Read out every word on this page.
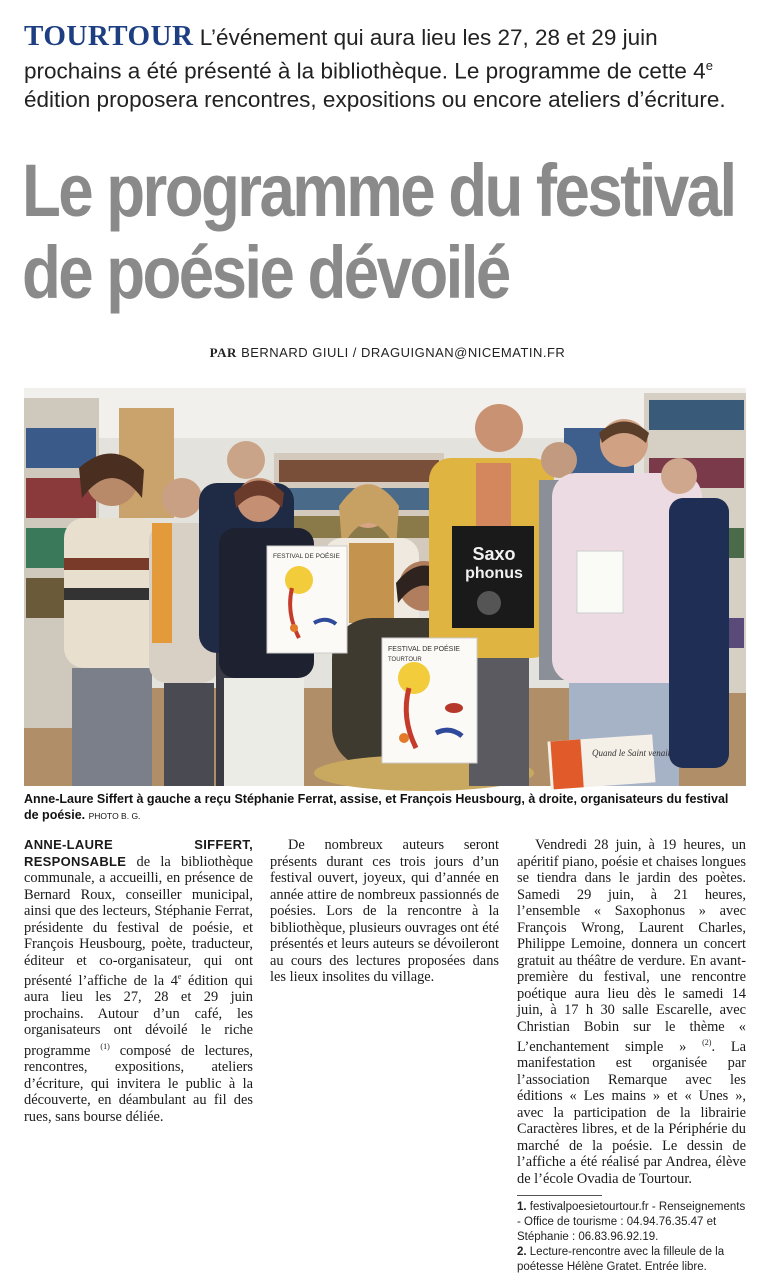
TOURTOUR L’événement qui aura lieu les 27, 28 et 29 juin prochains a été présenté à la bibliothèque. Le programme de cette 4e édition proposera rencontres, expositions ou encore ateliers d’écriture.
Le programme du festival
de poésie dévoilé
PAR BERNARD GIULI / DRAGUIGNAN@NICEMATIN.FR
FESTIVAL DE POÉSIE
FESTIVAL DE POÉSIE
TOURTOUR
Saxo
phonus
Quand le Saint venait
Anne-Laure Siffert à gauche a reçu Stéphanie Ferrat, assise, et François Heusbourg, à droite, organisateurs du festival de poésie. PHOTO B. G.

ANNE-LAURE SIFFERT, RESPONSABLE de la bibliothèque communale, a accueilli, en présence de Bernard Roux, conseiller municipal, ainsi que des lecteurs, Stéphanie Ferrat, présidente du festival de poésie, et François Heusbourg, poète, traducteur, éditeur et co-organisateur, qui ont présenté l’affiche de la 4e édition qui aura lieu les 27, 28 et 29 juin prochains. Autour d’un café, les organisateurs ont dévoilé le riche programme $^{(1)}$ composé de lectures, rencontres, expositions, ateliers d’écriture, qui invitera le public à la découverte, en déambulant au fil des rues, sans bourse déliée.

De nombreux auteurs seront présents durant ces trois jours d’un festival ouvert, joyeux, qui d’année en année attire de nombreux passionnés de poésies. Lors de la rencontre à la bibliothèque, plusieurs ouvrages ont été présentés et leurs auteurs se dévoileront au cours des lectures proposées dans les lieux insolites du village.

Vendredi 28 juin, à 19 heures, un apéritif piano, poésie et chaises longues se tiendra dans le jardin des poètes. Samedi 29 juin, à 21 heures, l’ensemble « Saxophonus » avec François Wrong, Laurent Charles, Philippe Lemoine, donnera un concert gratuit au théâtre de verdure. En avant-première du festival, une rencontre poétique aura lieu dès le samedi 14 juin, à 17 h 30 salle Escarelle, avec Christian Bobin sur le thème « L’enchantement simple » $^{(2)}$. La manifestation est organisée par l’association Remarque avec les éditions « Les mains » et « Unes », avec la participation de la librairie Caractères libres, et de la Périphérie du marché de la poésie. Le dessin de l’affiche a été réalisé par Andrea, élève de l’école Ovadia de Tourtour.

1. festivalpoesietourtour.fr - Renseignements - Office de tourisme : 04.94.76.35.47 et Stéphanie : 06.83.96.92.19.

2. Lecture-rencontre avec la filleule de la poétesse Hélène Gratet. Entrée libre.
